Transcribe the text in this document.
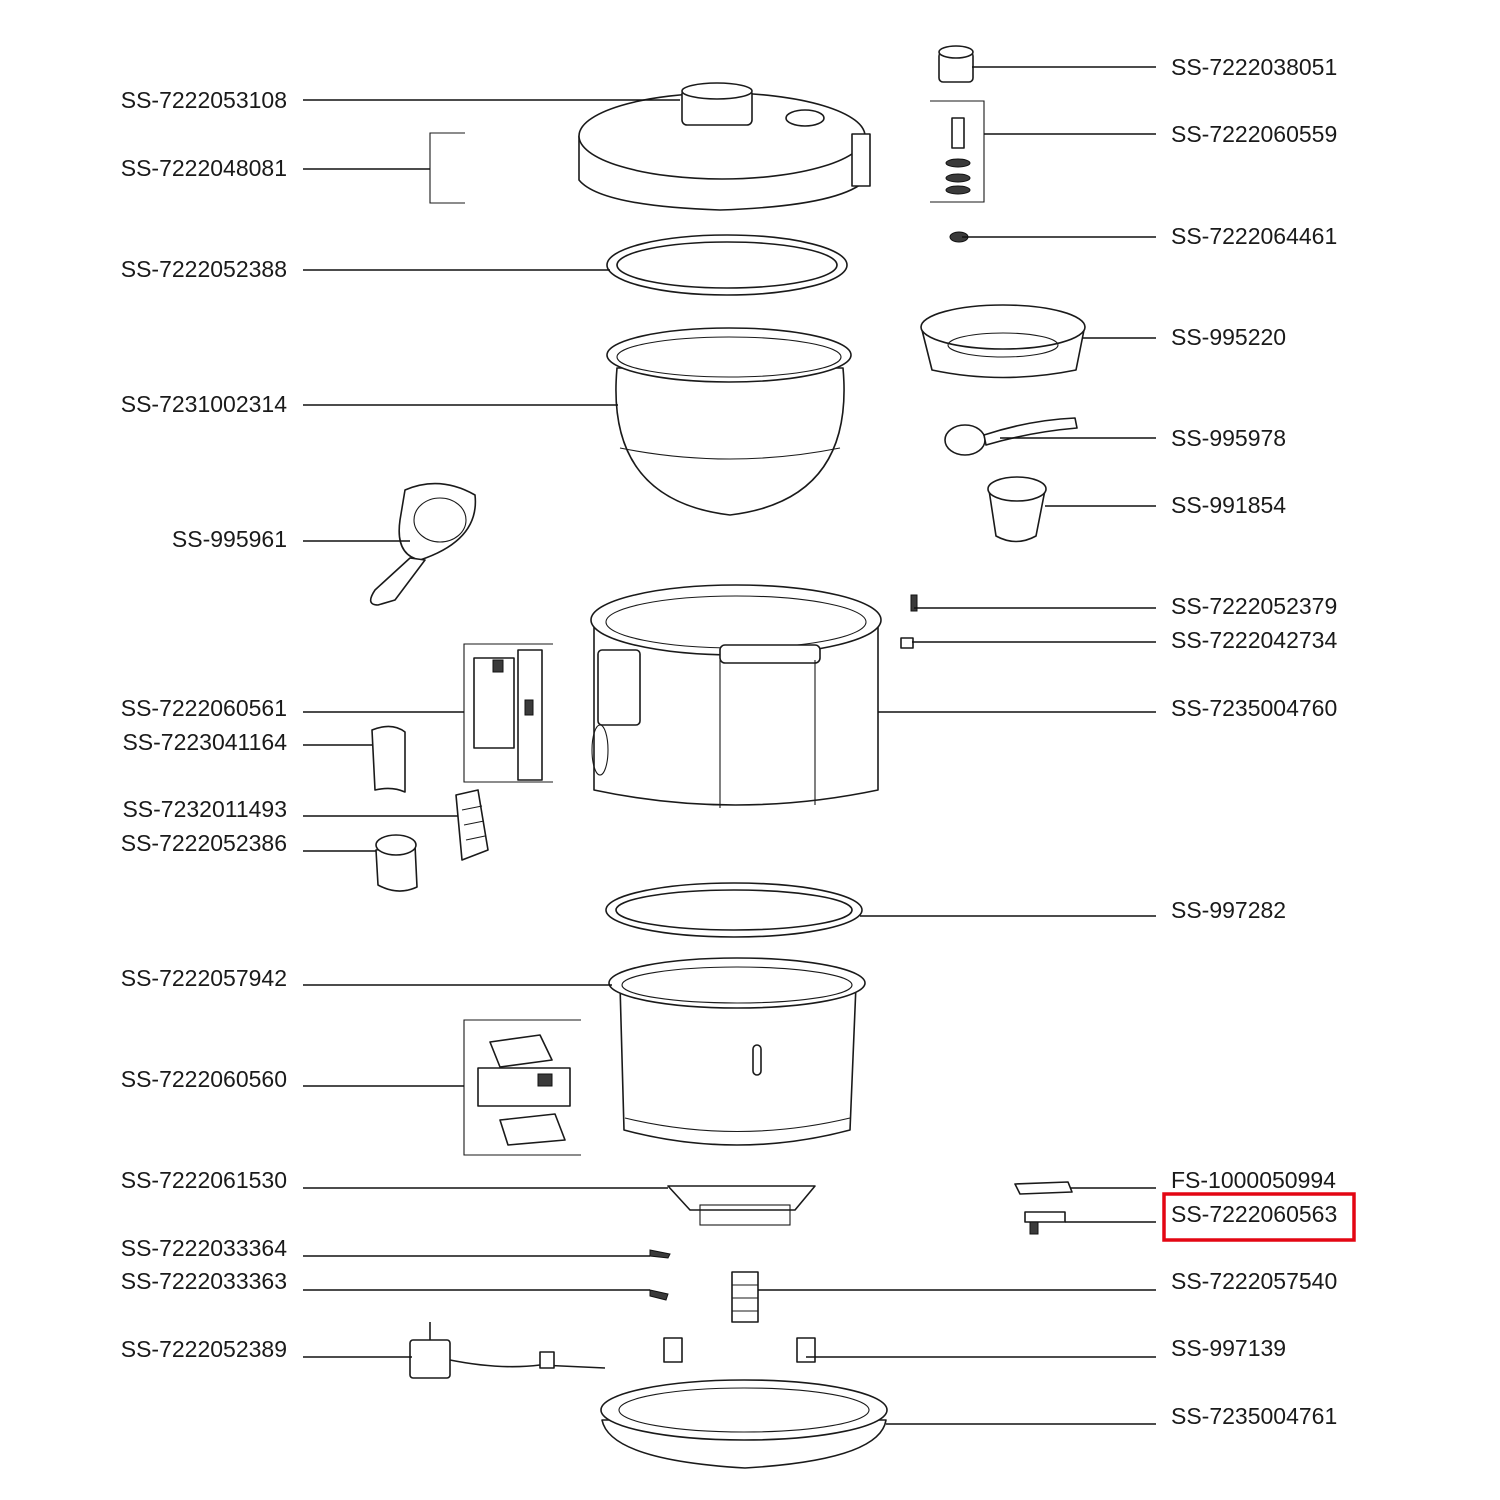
SS-7222053108
SS-7222048081
SS-7222052388
SS-7231002314
SS-995961
SS-7222060561
SS-7223041164
SS-7232011493
SS-7222052386
SS-7222057942
SS-7222060560
SS-7222061530
SS-7222033364
SS-7222033363
SS-7222052389
SS-7222038051
SS-7222060559
SS-7222064461
SS-995220
SS-995978
SS-991854
SS-7222052379
SS-7222042734
SS-7235004760
SS-997282
FS-1000050994
SS-7222060563
SS-7222057540
SS-997139
SS-7235004761
